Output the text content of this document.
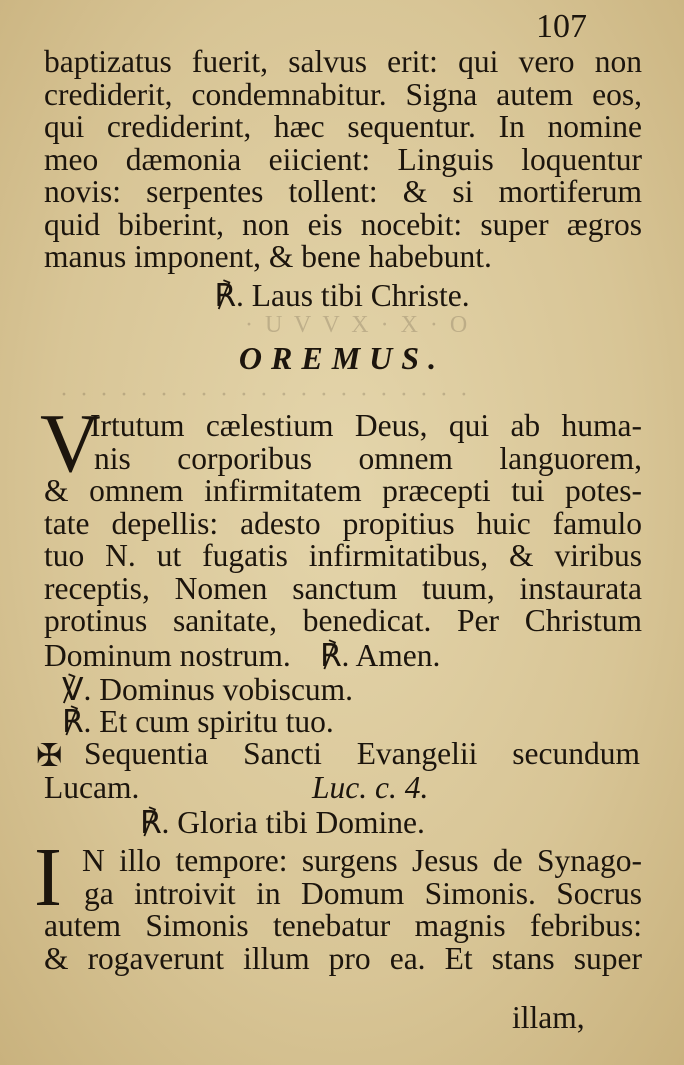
107
baptizatus fuerit, salvus erit: qui vero non
crediderit, condemnabitur. Signa autem eos,
qui crediderint, hæc sequentur. In nomine
meo dæmonia eiicient: Linguis loquentur
novis: serpentes tollent: & si mortiferum
quid biberint, non eis nocebit: super ægros
manus imponent, & bene habebunt.
℟. Laus tibi Christe.
· U V V X · X · O
OREMUS.
· · · · · · · · · · · · · · · · · · · · ·
V
Irtutum cælestium Deus, qui ab huma-
nis corporibus omnem languorem,
& omnem infirmitatem præcepti tui potes-
tate depellis: adesto propitius huic famulo
tuo N. ut fugatis infirmitatibus, & viribus
receptis, Nomen sanctum tuum, instaurata
protinus sanitate, benedicat. Per Christum
Dominum nostrum. ℟. Amen.
℣. Dominus vobiscum.
℟. Et cum spiritu tuo.
✠ Sequentia Sancti Evangelii secundum
Lucam.	Luc. c. 4.
℟. Gloria tibi Domine.
I N illo tempore: surgens Jesus de Synago-
ga introivit in Domum Simonis. Socrus
autem Simonis tenebatur magnis febribus:
& rogaverunt illum pro ea. Et stans super
illam,
